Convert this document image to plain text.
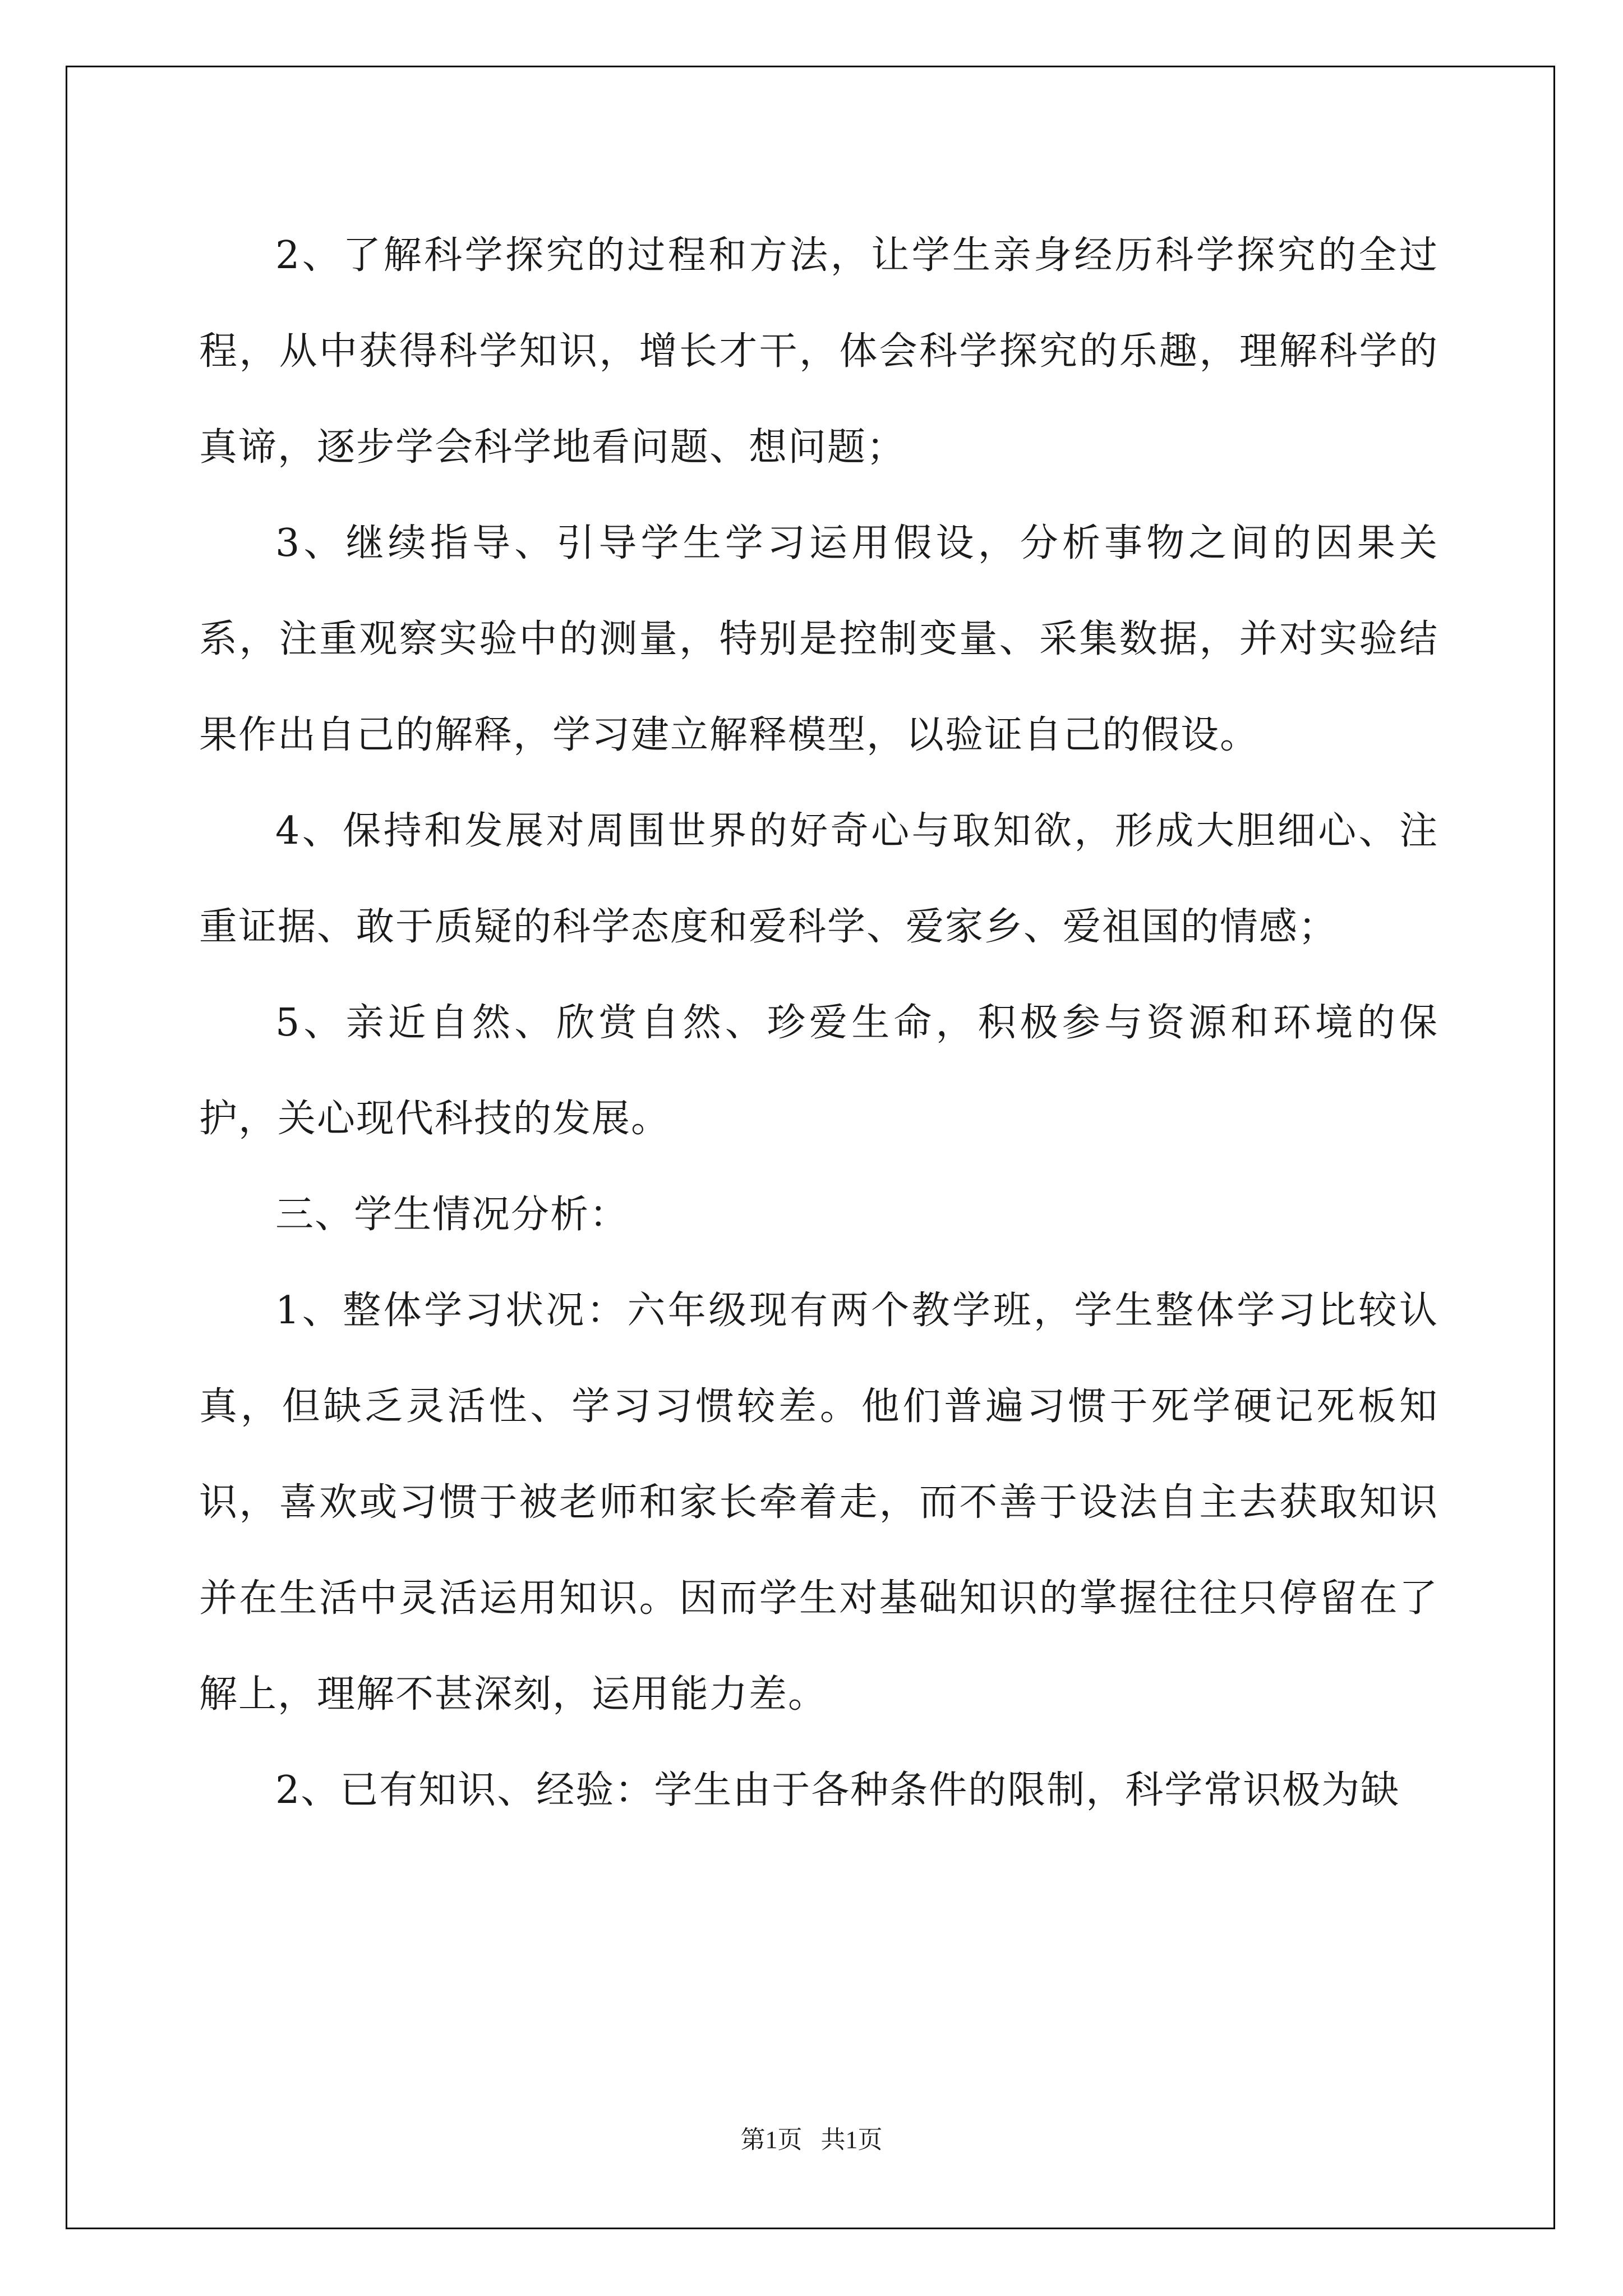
2、了解科学探究的过程和方法，让学生亲身经历科学探究的全过程，从中获得科学知识，增长才干，体会科学探究的乐趣，理解科学的真谛，逐步学会科学地看问题、想问题；

3、继续指导、引导学生学习运用假设，分析事物之间的因果关系，注重观察实验中的测量，特别是控制变量、采集数据，并对实验结果作出自己的解释，学习建立解释模型，以验证自己的假设。

4、保持和发展对周围世界的好奇心与取知欲，形成大胆细心、注重证据、敢于质疑的科学态度和爱科学、爱家乡、爱祖国的情感；

5、亲近自然、欣赏自然、珍爱生命，积极参与资源和环境的保护，关心现代科技的发展。

三、学生情况分析：

1、整体学习状况：六年级现有两个教学班，学生整体学习比较认真，但缺乏灵活性、学习习惯较差。他们普遍习惯于死学硬记死板知识，喜欢或习惯于被老师和家长牵着走，而不善于设法自主去获取知识并在生活中灵活运用知识。因而学生对基础知识的掌握往往只停留在了解上，理解不甚深刻，运用能力差。

2、已有知识、经验：学生由于各种条件的限制，科学常识极为缺

第1页   共1页
